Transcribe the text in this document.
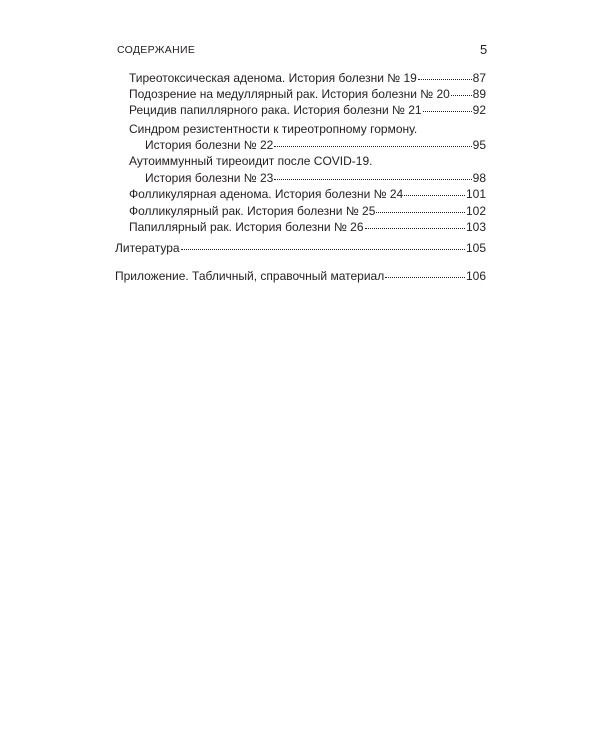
СОДЕРЖАНИЕ	5
Тиреотоксическая аденома. История болезни № 19	87
Подозрение на медуллярный рак. История болезни № 20 89
Рецидив папиллярного рака. История болезни № 21	92
Синдром резистентности к тиреотропному гормону.
История болезни № 22	95
Аутоиммунный тиреоидит после COVID-19.
История болезни № 23	98
Фолликулярная аденома. История болезни № 24	101
Фолликулярный рак. История болезни № 25	102
Папиллярный рак. История болезни № 26	103
Литература	105
Приложение. Табличный, справочный материал	106
